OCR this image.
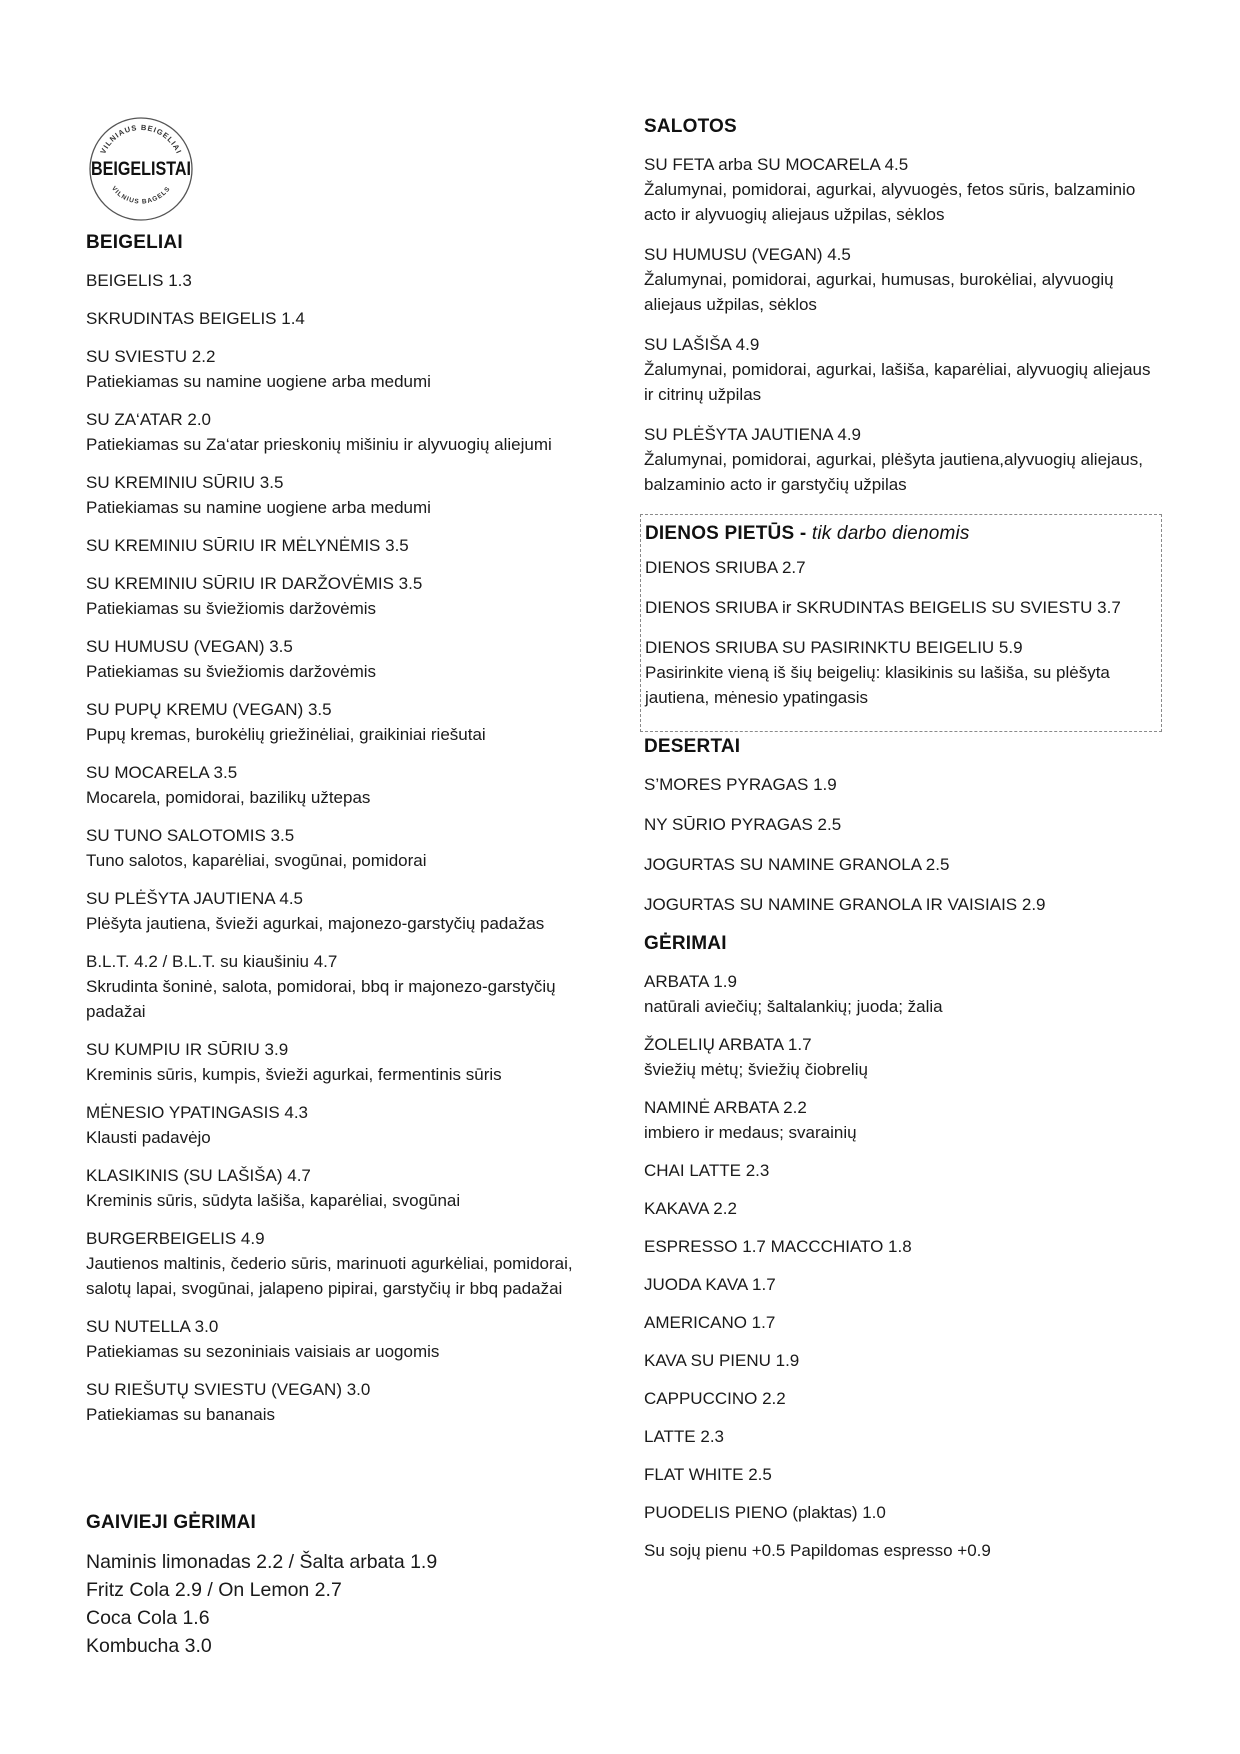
VILNIAUS BEIGELIAI
BEIGELISTAI
VILNIUS BAGELS
BEIGELIAI
BEIGELIS 1.3
SKRUDINTAS BEIGELIS 1.4
SU SVIESTU 2.2
Patiekiamas su namine uogiene arba medumi
SU ZA‘ATAR 2.0
Patiekiamas su Za‘atar prieskonių mišiniu ir alyvuogių aliejumi
SU KREMINIU SŪRIU 3.5
Patiekiamas su namine uogiene arba medumi
SU KREMINIU SŪRIU IR MĖLYNĖMIS 3.5
SU KREMINIU SŪRIU IR DARŽOVĖMIS 3.5
Patiekiamas su šviežiomis daržovėmis
SU HUMUSU (VEGAN) 3.5
Patiekiamas su šviežiomis daržovėmis
SU PUPŲ KREMU (VEGAN) 3.5
Pupų kremas, burokėlių griežinėliai, graikiniai riešutai
SU MOCARELA 3.5
Mocarela, pomidorai, bazilikų užtepas
SU TUNO SALOTOMIS 3.5
Tuno salotos, kaparėliai, svogūnai, pomidorai
SU PLĖŠYTA JAUTIENA 4.5
Plėšyta jautiena, švieži agurkai, majonezo-garstyčių padažas
B.L.T. 4.2 / B.L.T. su kiaušiniu 4.7
Skrudinta šoninė, salota, pomidorai, bbq ir majonezo-garstyčių padažai
SU KUMPIU IR SŪRIU 3.9
Kreminis sūris, kumpis, švieži agurkai, fermentinis sūris
MĖNESIO YPATINGASIS 4.3
Klausti padavėjo
KLASIKINIS (SU LAŠIŠA) 4.7
Kreminis sūris, sūdyta lašiša, kaparėliai, svogūnai
BURGERBEIGELIS 4.9
Jautienos maltinis, čederio sūris, marinuoti agurkėliai, pomidorai, salotų lapai, svogūnai, jalapeno pipirai, garstyčių ir bbq padažai
SU NUTELLA 3.0
Patiekiamas su sezoniniais vaisiais ar uogomis
SU RIEŠUTŲ SVIESTU (VEGAN) 3.0
Patiekiamas su bananais
GAIVIEJI GĖRIMAI
Naminis limonadas 2.2 / Šalta arbata 1.9
Fritz Cola 2.9 / On Lemon 2.7
Coca Cola 1.6
Kombucha 3.0
SALOTOS
SU FETA arba SU MOCARELA 4.5
Žalumynai, pomidorai, agurkai, alyvuogės, fetos sūris, balzaminio acto ir alyvuogių aliejaus užpilas, sėklos
SU HUMUSU (VEGAN) 4.5
Žalumynai, pomidorai, agurkai, humusas, burokėliai, alyvuogių aliejaus užpilas, sėklos
SU LAŠIŠA 4.9
Žalumynai, pomidorai, agurkai, lašiša, kaparėliai, alyvuogių aliejaus ir citrinų užpilas
SU PLĖŠYTA JAUTIENA 4.9
Žalumynai, pomidorai, agurkai, plėšyta jautiena,alyvuogių aliejaus, balzaminio acto ir garstyčių užpilas
DIENOS PIETŪS - tik darbo dienomis
DIENOS SRIUBA 2.7
DIENOS SRIUBA ir SKRUDINTAS BEIGELIS SU SVIESTU 3.7
DIENOS SRIUBA SU PASIRINKTU BEIGELIU 5.9
Pasirinkite vieną iš šių beigelių: klasikinis su lašiša, su plėšyta jautiena, mėnesio ypatingasis
DESERTAI
S’MORES PYRAGAS 1.9
NY SŪRIO PYRAGAS 2.5
JOGURTAS SU NAMINE GRANOLA 2.5
JOGURTAS SU NAMINE GRANOLA IR VAISIAIS 2.9
GĖRIMAI
ARBATA 1.9
natūrali aviečių; šaltalankių; juoda; žalia
ŽOLELIŲ ARBATA 1.7
šviežių mėtų; šviežių čiobrelių
NAMINĖ ARBATA 2.2
imbiero ir medaus; svarainių
CHAI LATTE 2.3
KAKAVA 2.2
ESPRESSO 1.7 MACCCHIATO 1.8
JUODA KAVA 1.7
AMERICANO 1.7
KAVA SU PIENU 1.9
CAPPUCCINO 2.2
LATTE 2.3
FLAT WHITE 2.5
PUODELIS PIENO (plaktas) 1.0
Su sojų pienu +0.5 Papildomas espresso +0.9
